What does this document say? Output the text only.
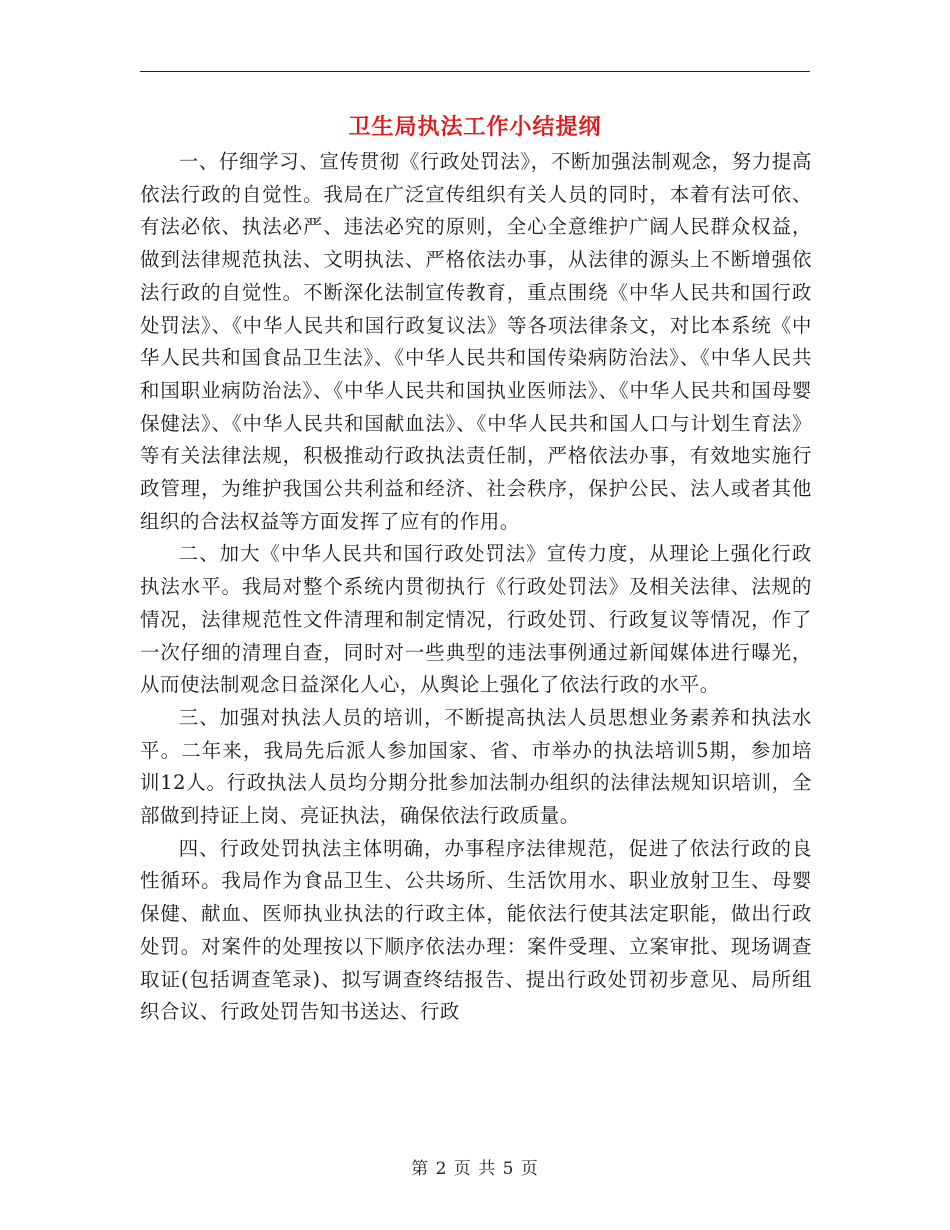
卫生局执法工作小结提纲

一、仔细学习、宣传贯彻《行政处罚法》，不断加强法制观念，努力提高依法行政的自觉性。我局在广泛宣传组织有关人员的同时，本着有法可依、有法必依、执法必严、违法必究的原则，全心全意维护广阔人民群众权益，做到法律规范执法、文明执法、严格依法办事，从法律的源头上不断增强依法行政的自觉性。不断深化法制宣传教育，重点围绕《中华人民共和国行政处罚法》、《中华人民共和国行政复议法》等各项法律条文，对比本系统《中华人民共和国食品卫生法》、《中华人民共和国传染病防治法》、《中华人民共和国职业病防治法》、《中华人民共和国执业医师法》、《中华人民共和国母婴保健法》、《中华人民共和国献血法》、《中华人民共和国人口与计划生育法》等有关法律法规，积极推动行政执法责任制，严格依法办事，有效地实施行政管理，为维护我国公共利益和经济、社会秩序，保护公民、法人或者其他组织的合法权益等方面发挥了应有的作用。

二、加大《中华人民共和国行政处罚法》宣传力度，从理论上强化行政执法水平。我局对整个系统内贯彻执行《行政处罚法》及相关法律、法规的情况，法律规范性文件清理和制定情况，行政处罚、行政复议等情况，作了一次仔细的清理自查，同时对一些典型的违法事例通过新闻媒体进行曝光，从而使法制观念日益深化人心，从舆论上强化了依法行政的水平。

三、加强对执法人员的培训，不断提高执法人员思想业务素养和执法水平。二年来，我局先后派人参加国家、省、市举办的执法培训5期，参加培训12人。行政执法人员均分期分批参加法制办组织的法律法规知识培训，全部做到持证上岗、亮证执法，确保依法行政质量。

四、行政处罚执法主体明确，办事程序法律规范，促进了依法行政的良性循环。我局作为食品卫生、公共场所、生活饮用水、职业放射卫生、母婴保健、献血、医师执业执法的行政主体，能依法行使其法定职能，做出行政处罚。对案件的处理按以下顺序依法办理：案件受理、立案审批、现场调查取证(包括调查笔录)、拟写调查终结报告、提出行政处罚初步意见、局所组织合议、行政处罚告知书送达、行政

第 2 页 共 5 页
